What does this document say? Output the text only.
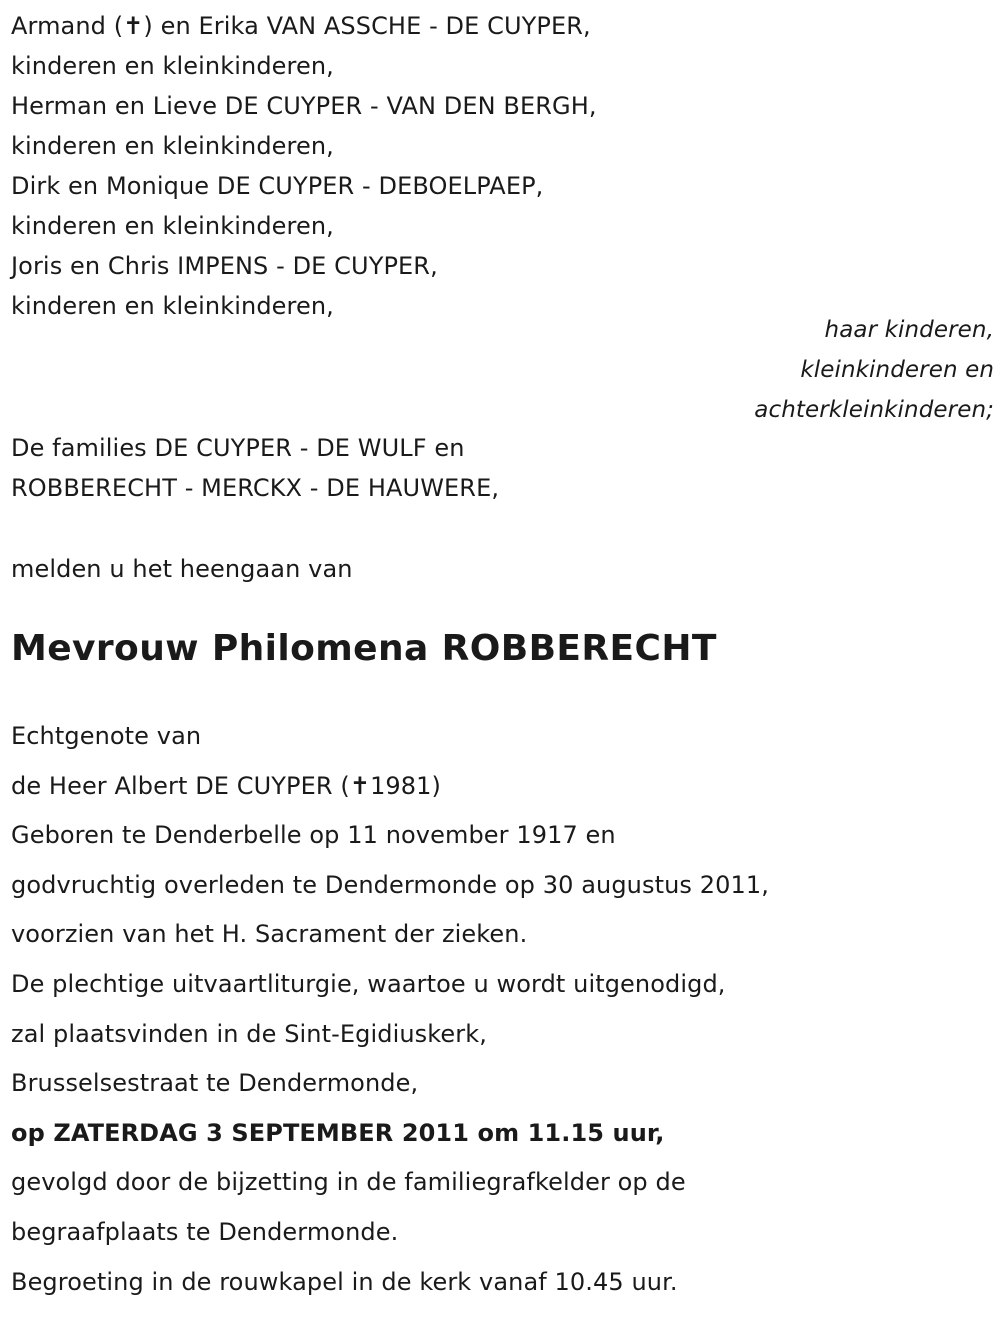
Armand (✝) en Erika VAN ASSCHE - DE CUYPER,
kinderen en kleinkinderen,
Herman en Lieve DE CUYPER - VAN DEN BERGH,
kinderen en kleinkinderen,
Dirk en Monique DE CUYPER - DEBOELPAEP,
kinderen en kleinkinderen,
Joris en Chris IMPENS - DE CUYPER,
kinderen en kleinkinderen,
haar kinderen,
kleinkinderen en
achterkleinkinderen;
De families DE CUYPER - DE WULF en
ROBBERECHT - MERCKX - DE HAUWERE,
melden u het heengaan van
Mevrouw Philomena ROBBERECHT
Echtgenote van
de Heer Albert DE CUYPER (✝1981)
Geboren te Denderbelle op 11 november 1917 en
godvruchtig overleden te Dendermonde op 30 augustus 2011,
voorzien van het H. Sacrament der zieken.
De plechtige uitvaartliturgie, waartoe u wordt uitgenodigd,
zal plaatsvinden in de Sint-Egidiuskerk,
Brusselsestraat te Dendermonde,
op ZATERDAG 3 SEPTEMBER 2011 om 11.15 uur,
gevolgd door de bijzetting in de familiegrafkelder op de
begraafplaats te Dendermonde.
Begroeting in de rouwkapel in de kerk vanaf 10.45 uur.
